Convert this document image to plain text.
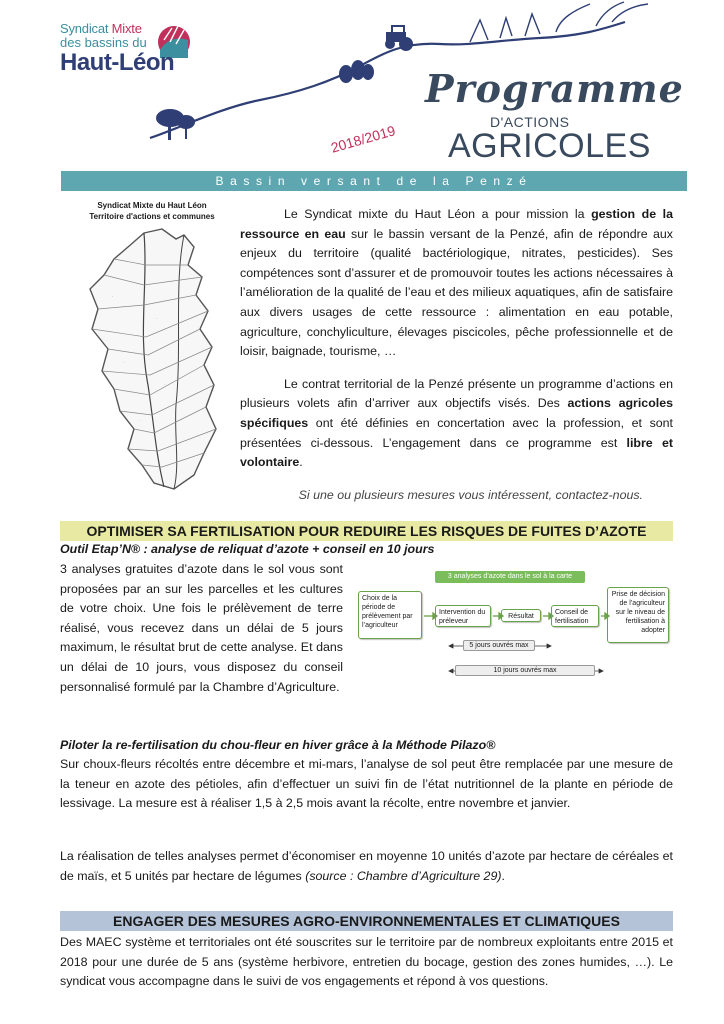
Syndicat Mixte
des bassins du
Haut-Léon
Programme
D'ACTIONS
AGRICOLES
2018/2019
Bassin versant de la Penzé
Syndicat Mixte du Haut Léon
Territoire d'actions et communes
.
.
.
.
.
.

Le Syndicat mixte du Haut Léon a pour mission la gestion de la ressource en eau sur le bassin versant de la Penzé, afin de répondre aux enjeux du territoire (qualité bactériologique, nitrates, pesticides). Ses compétences sont d’assurer et de promouvoir toutes les actions nécessaires à l’amélioration de la qualité de l’eau et des milieux aquatiques, afin de satisfaire aux divers usages de cette ressource : alimentation en eau potable, agriculture, conchyliculture, élevages piscicoles, pêche professionnelle et de loisir, baignade, tourisme, …

Le contrat territorial de la Penzé présente un programme d’actions en plusieurs volets afin d’arriver aux objectifs visés. Des actions agricoles spécifiques ont été définies en concertation avec la profession, et sont présentées ci-dessous. L’engagement dans ce programme est libre et volontaire.

Si une ou plusieurs mesures vous intéressent, contactez-nous.

OPTIMISER SA FERTILISATION POUR REDUIRE LES RISQUES DE FUITES D’AZOTE
Outil Etap’N® : analyse de reliquat d’azote + conseil en 10 jours
3 analyses gratuites d’azote dans le sol vous sont proposées par an sur les parcelles et les cultures de votre choix. Une fois le prélèvement de terre réalisé, vous recevez dans un délai de 5 jours maximum, le résultat brut de cette analyse. Et dans un délai de 10 jours, vous disposez du conseil personnalisé formulé par la Chambre d’Agriculture.
3 analyses d’azote dans le sol à la carte
Choix de la période de prélèvement par l’agriculteur
Intervention du préleveur
Résultat
Conseil de fertilisation
Prise de décision de l’agriculteur sur le niveau de fertilisation à adopter
5 jours ouvrés max
10 jours ouvrés max
Piloter la re-fertilisation du chou-fleur en hiver grâce à la Méthode Pilazo®
Sur choux-fleurs récoltés entre décembre et mi-mars, l’analyse de sol peut être remplacée par une mesure de la teneur en azote des pétioles, afin d’effectuer un suivi fin de l’état nutritionnel de la plante en période de lessivage. La mesure est à réaliser 1,5 à 2,5 mois avant la récolte, entre novembre et janvier.
La réalisation de telles analyses permet d’économiser en moyenne 10 unités d’azote par hectare de céréales et de maïs, et 5 unités par hectare de légumes (source : Chambre d’Agriculture 29).
ENGAGER DES MESURES AGRO-ENVIRONNEMENTALES ET CLIMATIQUES
Des MAEC système et territoriales ont été souscrites sur le territoire par de nombreux exploitants entre 2015 et 2018 pour une durée de 5 ans (système herbivore, entretien du bocage, gestion des zones humides, …). Le syndicat vous accompagne dans le suivi de vos engagements et répond à vos questions.
